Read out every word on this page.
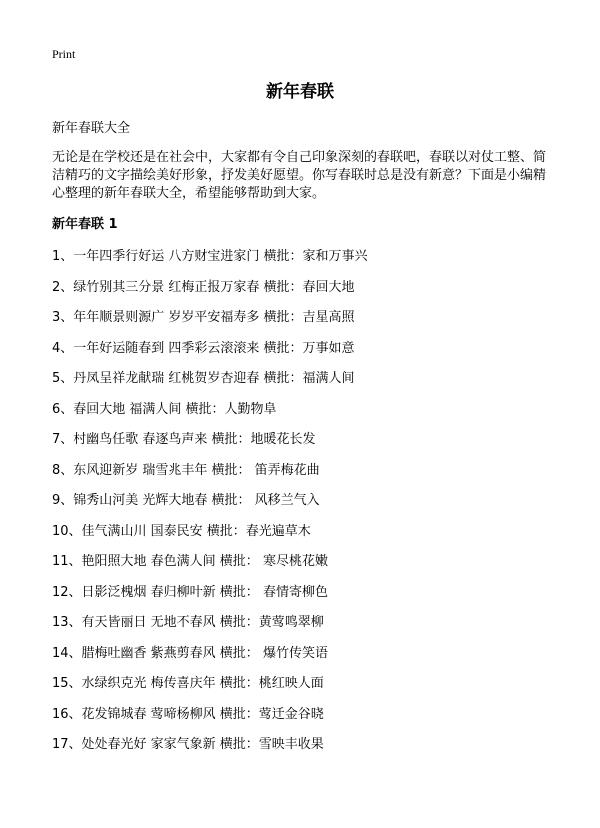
Print
新年春联
新年春联大全

无论是在学校还是在社会中，大家都有令自己印象深刻的春联吧，春联以对仗工整、简洁精巧的文字描绘美好形象，抒发美好愿望。你写春联时总是没有新意？下面是小编精心整理的新年春联大全，希望能够帮助到大家。

新年春联 1
1、一年四季行好运 八方财宝进家门 横批：家和万事兴
2、绿竹别其三分景 红梅正报万家春 横批：春回大地
3、年年顺景则源广 岁岁平安福寿多 横批：吉星高照
4、一年好运随春到 四季彩云滚滚来 横批：万事如意
5、丹凤呈祥龙献瑞 红桃贺岁杏迎春 横批：福满人间
6、春回大地 福满人间 横批：人勤物阜
7、村幽鸟任歌 春逐鸟声来 横批：地暖花长发
8、东风迎新岁 瑞雪兆丰年 横批： 笛弄梅花曲
9、锦秀山河美 光辉大地春 横批： 风移兰气入
10、佳气满山川 国泰民安 横批：春光遍草木
11、艳阳照大地 春色满人间 横批： 寒尽桃花嫩
12、日影泛槐烟 春归柳叶新 横批： 春情寄柳色
13、有天皆丽日 无地不春风 横批：黄莺鸣翠柳
14、腊梅吐幽香 紫燕剪春风 横批： 爆竹传笑语
15、水绿织克光 梅传喜庆年 横批：桃红映人面
16、花发锦城春 莺啼杨柳风 横批：莺迁金谷晓
17、处处春光好 家家气象新 横批：雪映丰收果
